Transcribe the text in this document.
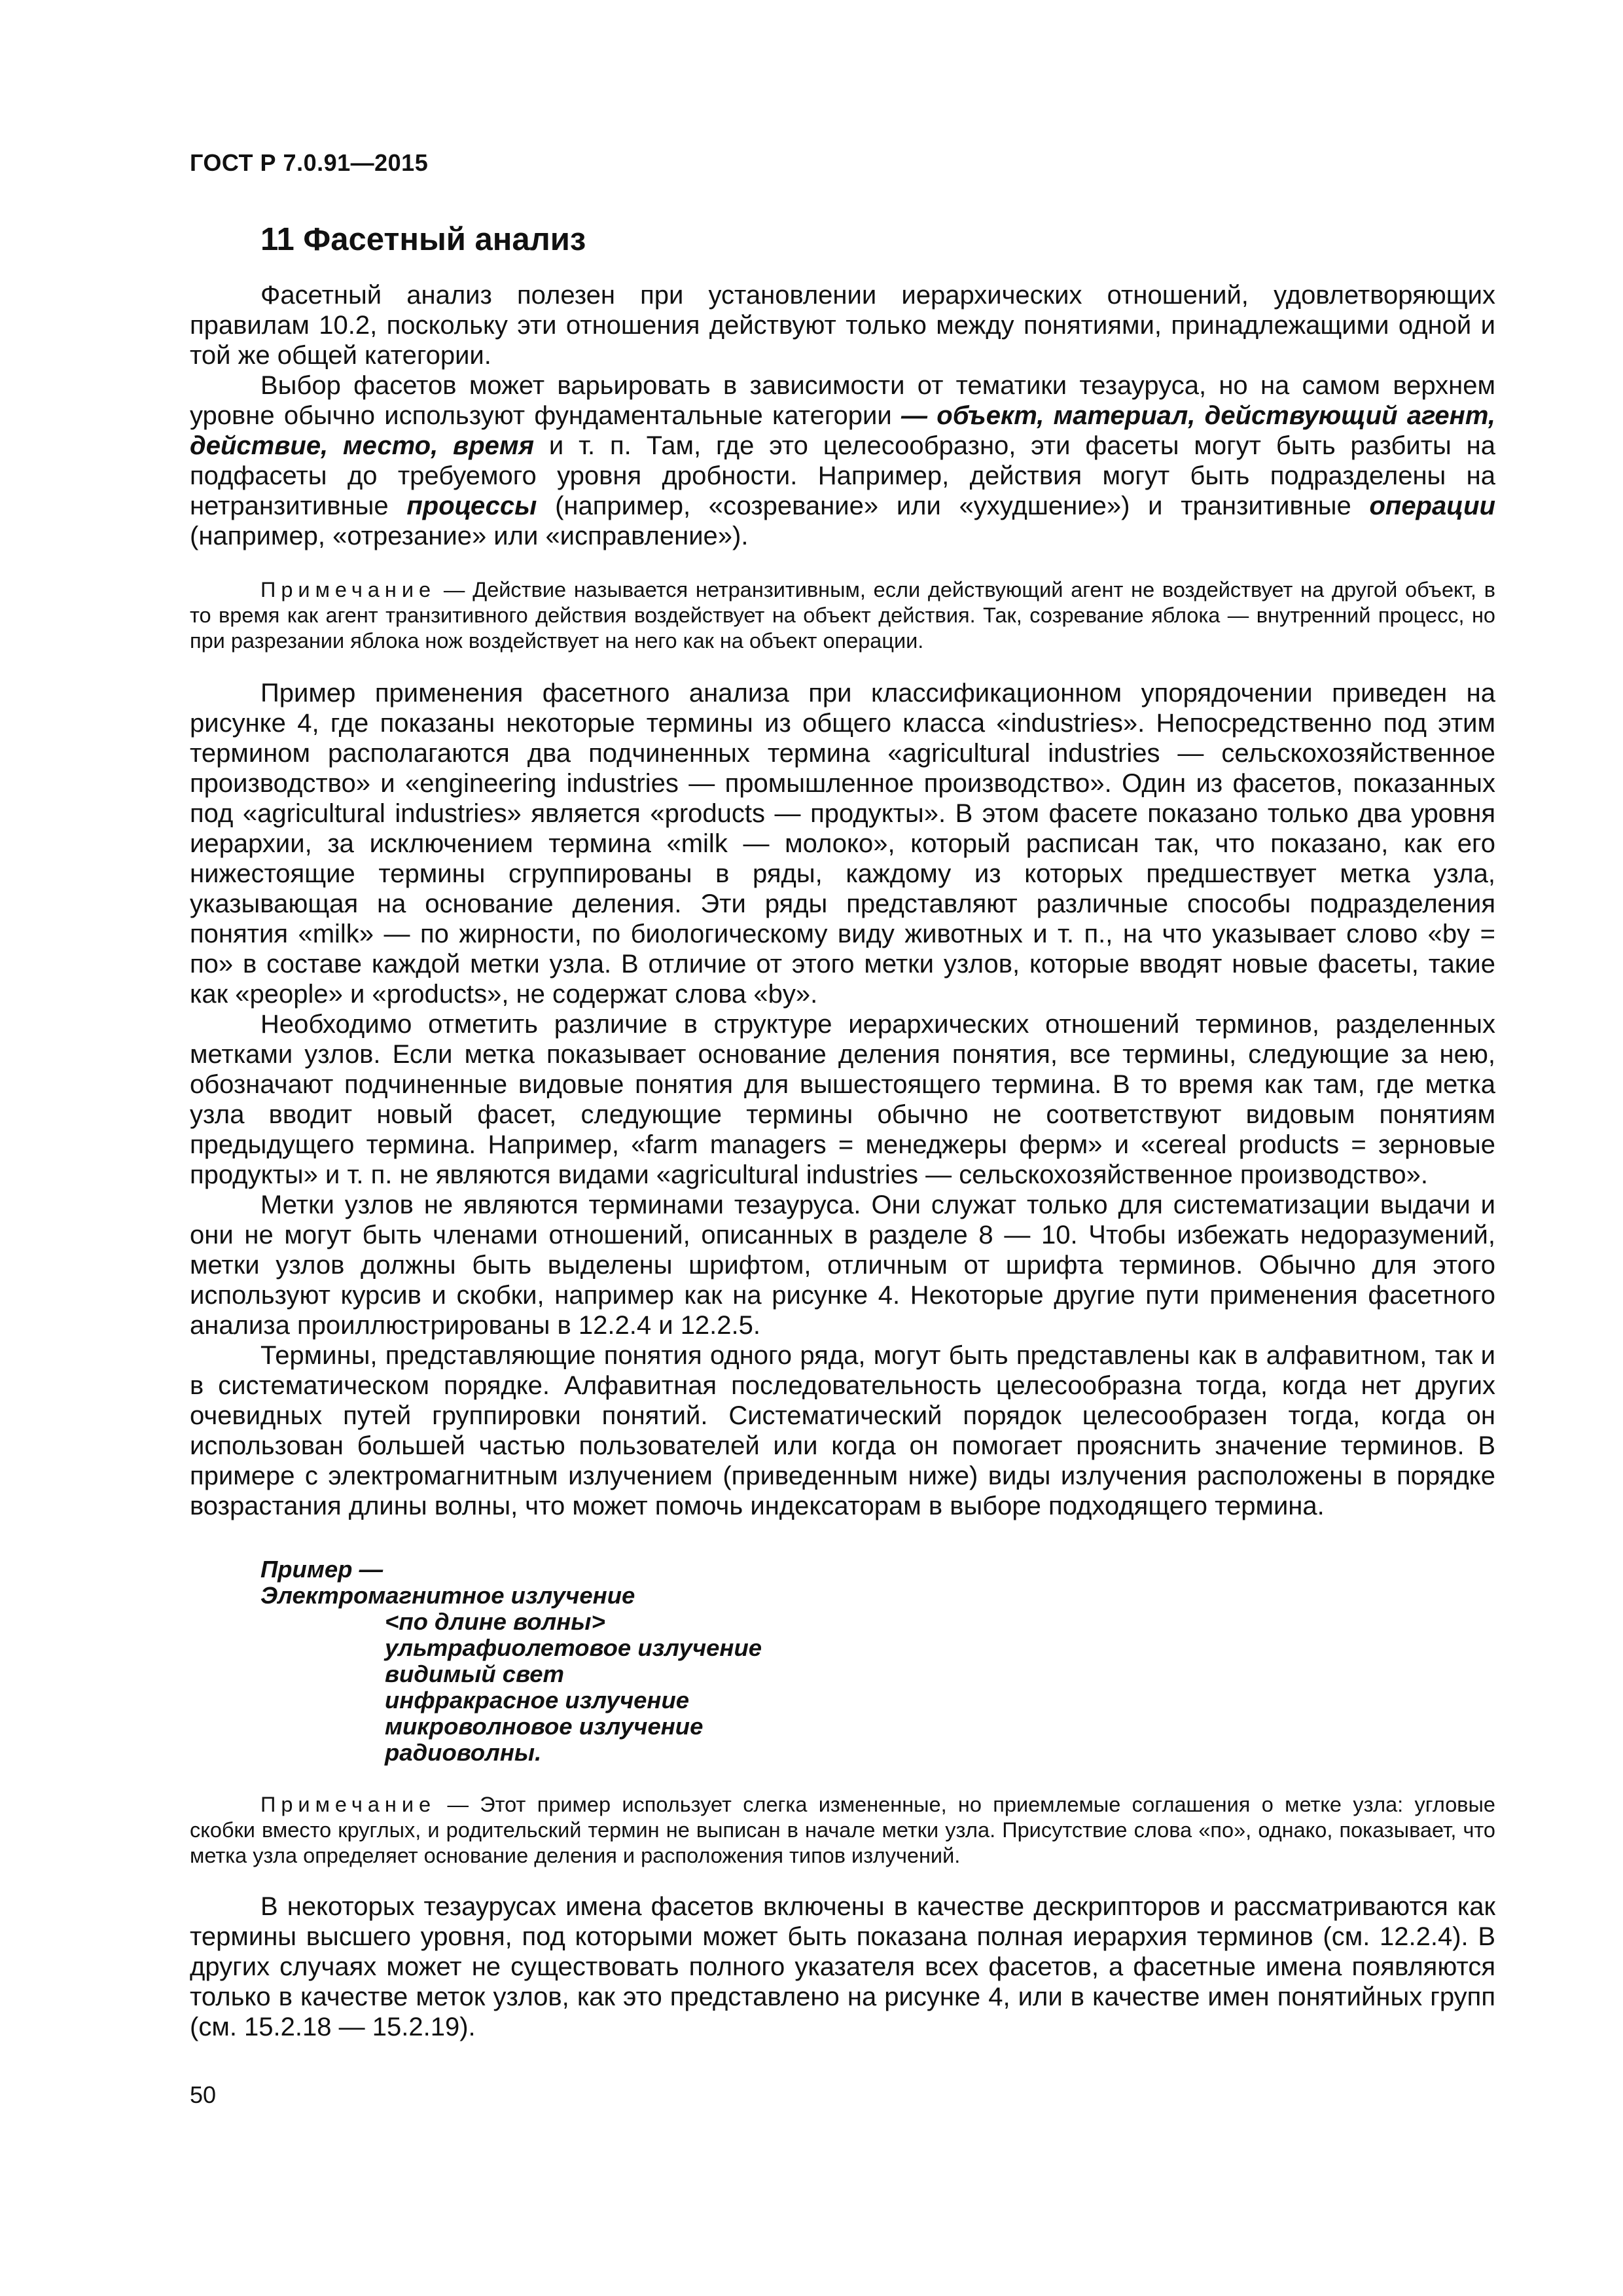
ГОСТ Р 7.0.91—2015
11 Фасетный анализ

Фасетный анализ полезен при установлении иерархических отношений, удовлетворяющих правилам 10.2, поскольку эти отношения действуют только между понятиями, принадлежащими одной и той же общей категории.

Выбор фасетов может варьировать в зависимости от тематики тезауруса, но на самом верхнем уровне обычно используют фундаментальные категории — объект, материал, действующий агент, действие, место, время и т. п. Там, где это целесообразно, эти фасеты могут быть разбиты на подфасеты до требуемого уровня дробности. Например, действия могут быть подразделены на нетранзитивные процессы (например, «созревание» или «ухудшение») и транзитивные операции (например, «отрезание» или «исправление»).

Примечание — Действие называется нетранзитивным, если действующий агент не воздействует на другой объект, в то время как агент транзитивного действия воздействует на объект действия. Так, созревание яблока — внутренний процесс, но при разрезании яблока нож воздействует на него как на объект операции.

Пример применения фасетного анализа при классификационном упорядочении приведен на рисунке 4, где показаны некоторые термины из общего класса «industries». Непосредственно под этим термином располагаются два подчиненных термина «agricultural industries — сельскохозяйственное производство» и «engineering industries — промышленное производство». Один из фасетов, показанных под «agricultural industries» является «products — продукты». В этом фасете показано только два уровня иерархии, за исключением термина «milk — молоко», который расписан так, что показано, как его нижестоящие термины сгруппированы в ряды, каждому из которых предшествует метка узла, указывающая на основание деления. Эти ряды представляют различные способы подразделения понятия «milk» — по жирности, по биологическому виду животных и т. п., на что указывает слово «by = по» в составе каждой метки узла. В отличие от этого метки узлов, которые вводят новые фасеты, такие как «people» и «products», не содержат слова «by».

Необходимо отметить различие в структуре иерархических отношений терминов, разделенных метками узлов. Если метка показывает основание деления понятия, все термины, следующие за нею, обозначают подчиненные видовые понятия для вышестоящего термина. В то время как там, где метка узла вводит новый фасет, следующие термины обычно не соответствуют видовым понятиям предыдущего термина. Например, «farm managers = менеджеры ферм» и «cereal products = зерновые продукты» и т. п. не являются видами «agricultural industries — сельскохозяйственное производство».

Метки узлов не являются терминами тезауруса. Они служат только для систематизации выдачи и они не могут быть членами отношений, описанных в разделе 8 — 10. Чтобы избежать недоразумений, метки узлов должны быть выделены шрифтом, отличным от шрифта терминов. Обычно для этого используют курсив и скобки, например как на рисунке 4. Некоторые другие пути применения фасетного анализа проиллюстрированы в 12.2.4 и 12.2.5.

Термины, представляющие понятия одного ряда, могут быть представлены как в алфавитном, так и в систематическом порядке. Алфавитная последовательность целесообразна тогда, когда нет других очевидных путей группировки понятий. Систематический порядок целесообразен тогда, когда он использован большей частью пользователей или когда он помогает прояснить значение терминов. В примере с электромагнитным излучением (приведенным ниже) виды излучения расположены в порядке возрастания длины волны, что может помочь индексаторам в выборе подходящего термина.

Пример —
Электромагнитное излучение
<по длине волны>
ультрафиолетовое излучение
видимый свет
инфракрасное излучение
микроволновое излучение
радиоволны.

Примечание — Этот пример использует слегка измененные, но приемлемые соглашения о метке узла: угловые скобки вместо круглых, и родительский термин не выписан в начале метки узла. Присутствие слова «по», однако, показывает, что метка узла определяет основание деления и расположения типов излучений.

В некоторых тезаурусах имена фасетов включены в качестве дескрипторов и рассматриваются как термины высшего уровня, под которыми может быть показана полная иерархия терминов (см. 12.2.4). В других случаях может не существовать полного указателя всех фасетов, а фасетные имена появляются только в качестве меток узлов, как это представлено на рисунке 4, или в качестве имен понятийных групп (см. 15.2.18 — 15.2.19).

50
